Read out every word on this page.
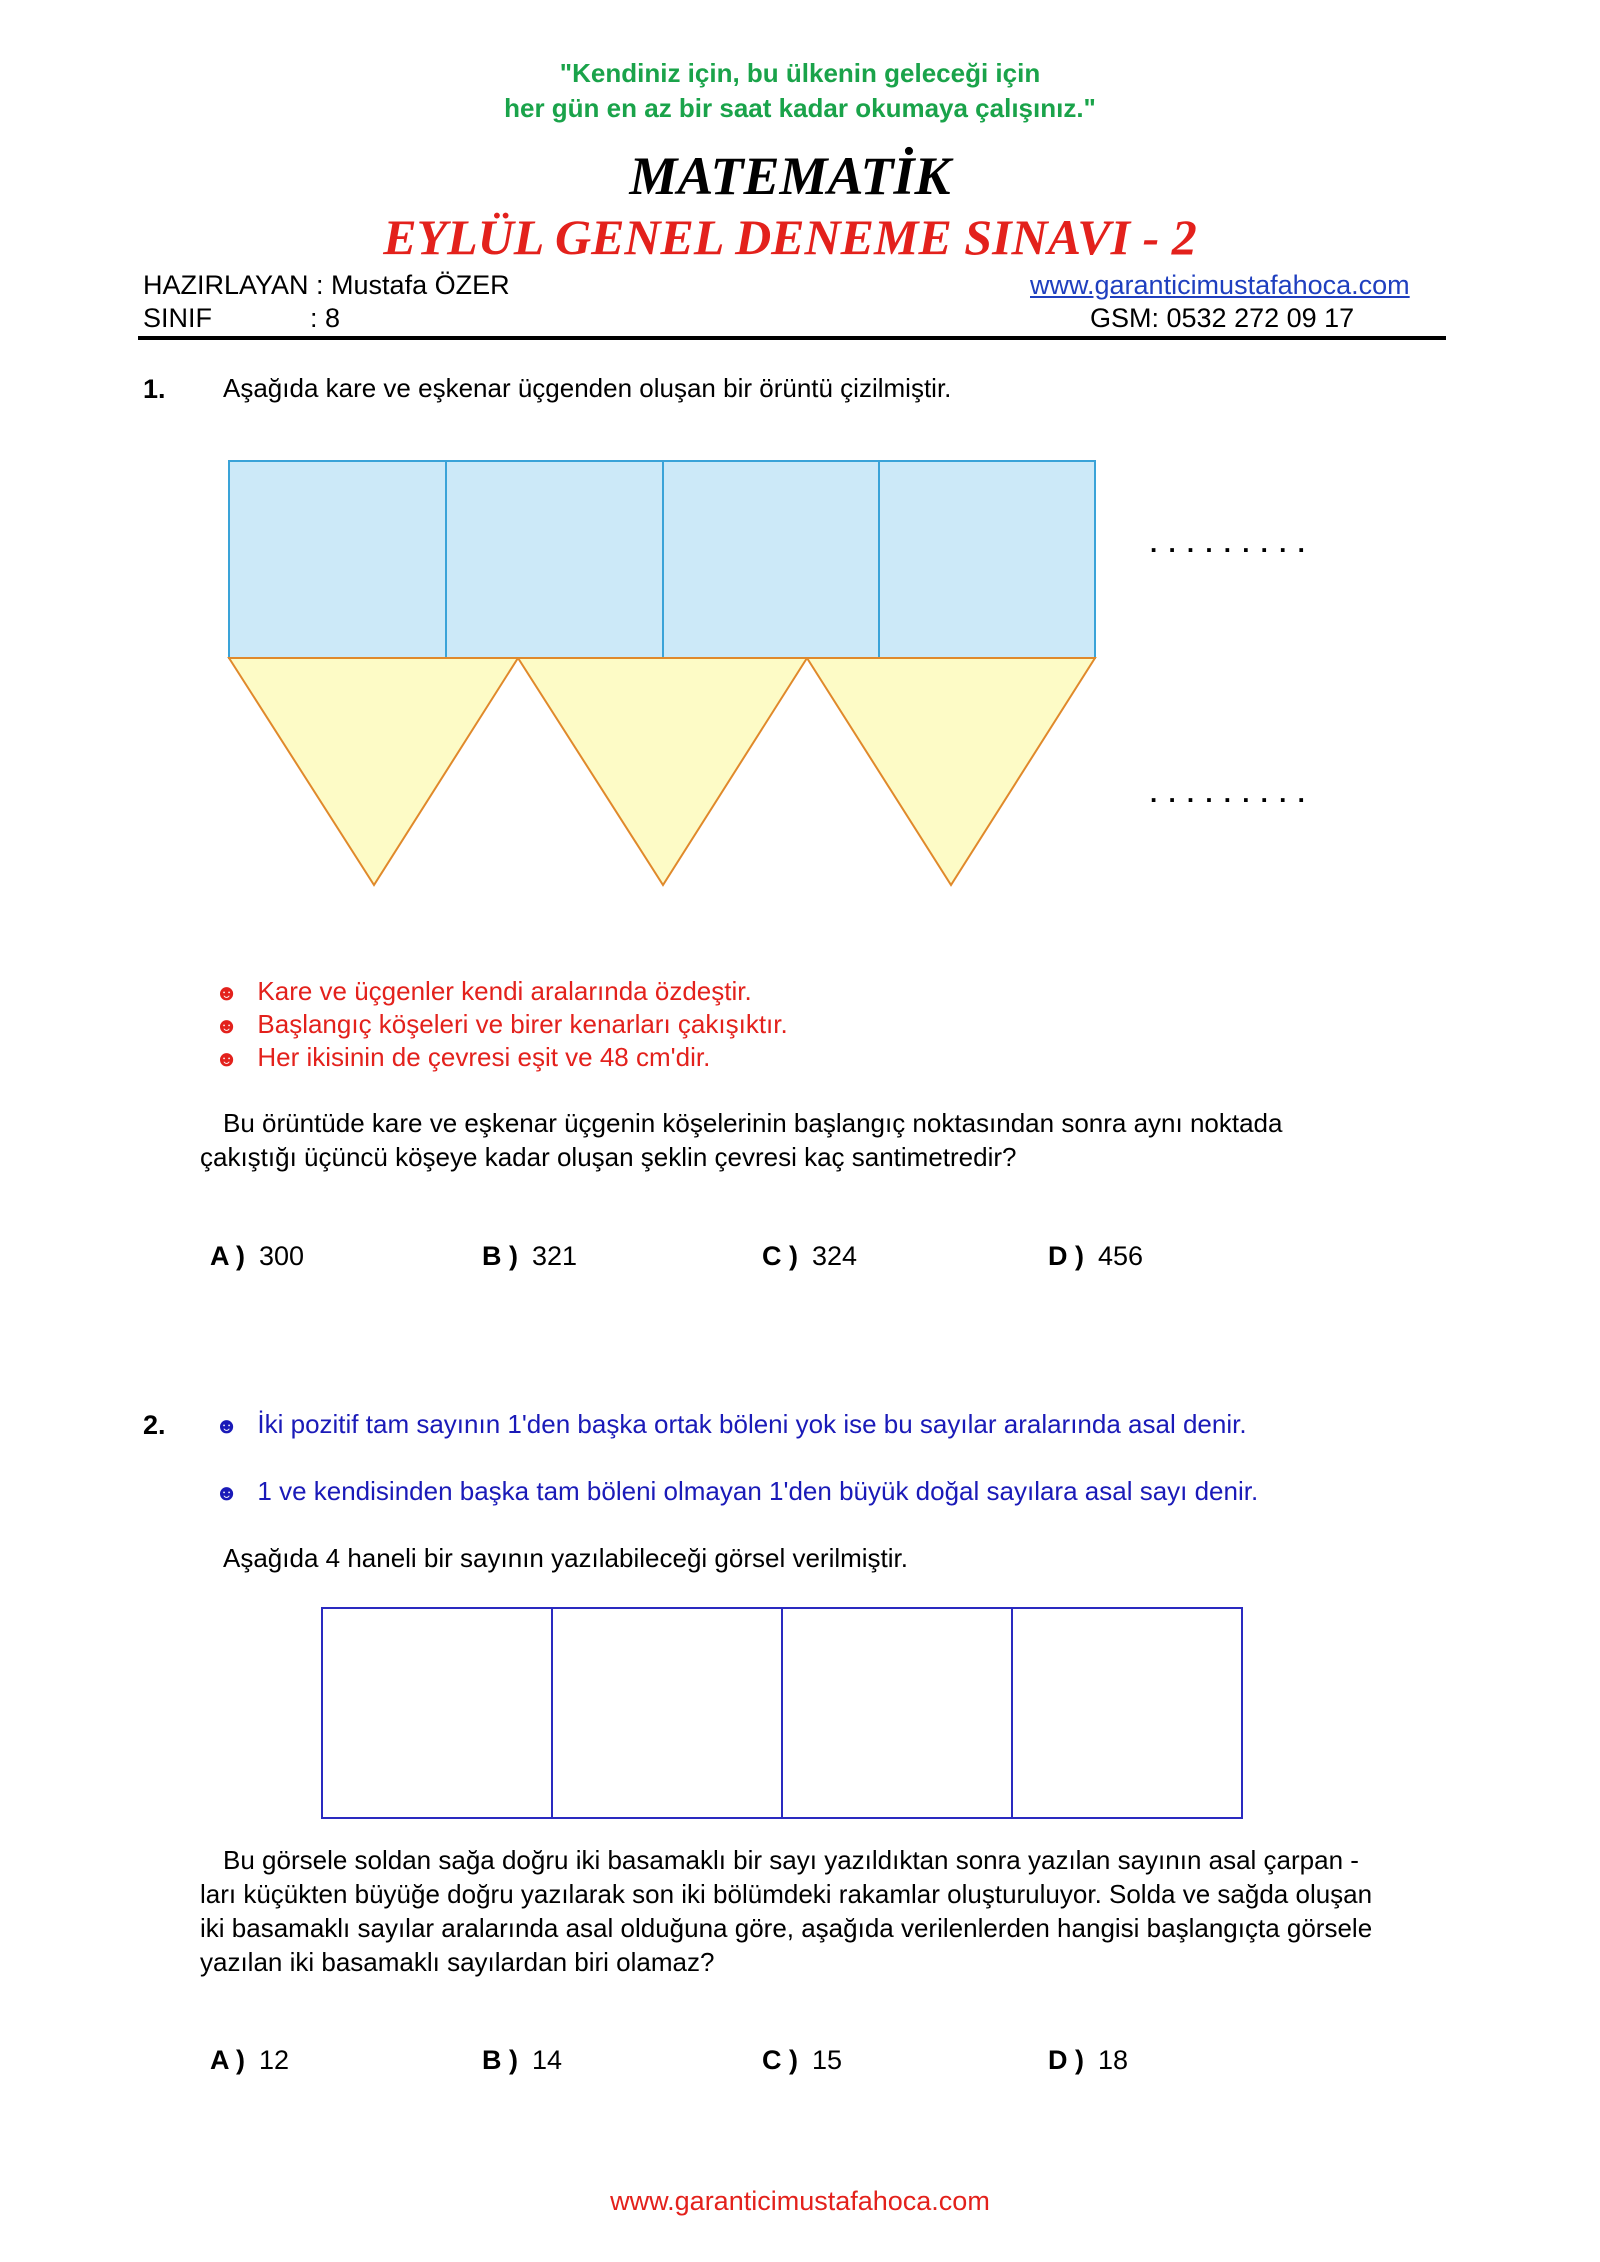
"Kendiniz için, bu ülkenin geleceği için
her gün en az bir saat kadar okumaya çalışınız."
MATEMATİK
EYLÜL GENEL DENEME SINAVI - 2
HAZIRLAYAN : Mustafa ÖZER	www.garanticimustafahoca.com
SINIF	: 8	GSM: 0532 272 09 17
1. Aşağıda kare ve eşkenar üçgenden oluşan bir örüntü çizilmiştir.
. . . . . . . . .
. . . . . . . . .
☻ Kare ve üçgenler kendi aralarında özdeştir.
☻ Başlangıç köşeleri ve birer kenarları çakışıktır.
☻ Her ikisinin de çevresi eşit ve 48 cm'dir.
Bu örüntüde kare ve eşkenar üçgenin köşelerinin başlangıç noktasından sonra aynı noktada
çakıştığı üçüncü köşeye kadar oluşan şeklin çevresi kaç santimetredir?
A ) 300	B ) 321	C ) 324	D ) 456
2. ☻ İki pozitif tam sayının 1'den başka ortak böleni yok ise bu sayılar aralarında asal denir.
☻ 1 ve kendisinden başka tam böleni olmayan 1'den büyük doğal sayılara asal sayı denir.
Aşağıda 4 haneli bir sayının yazılabileceği görsel verilmiştir.
Bu görsele soldan sağa doğru iki basamaklı bir sayı yazıldıktan sonra yazılan sayının asal çarpan -
ları küçükten büyüğe doğru yazılarak son iki bölümdeki rakamlar oluşturuluyor. Solda ve sağda oluşan
iki basamaklı sayılar aralarında asal olduğuna göre, aşağıda verilenlerden hangisi başlangıçta görsele
yazılan iki basamaklı sayılardan biri olamaz?
A ) 12	B ) 14	C ) 15	D ) 18
www.garanticimustafahoca.com
